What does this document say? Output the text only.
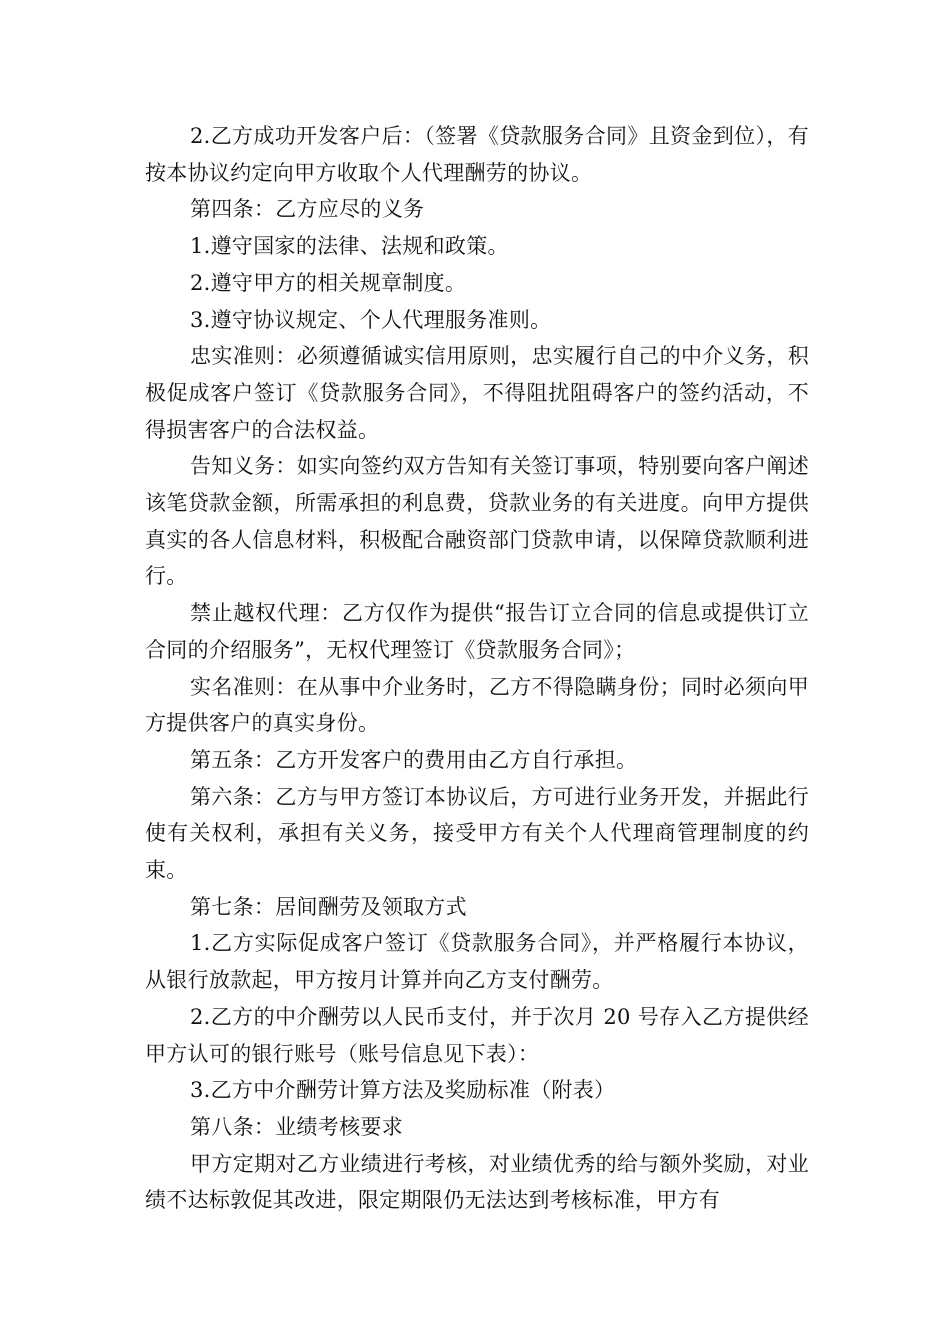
2.乙方成功开发客户后：（签署《贷款服务合同》且资金到位），有按本协议约定向甲方收取个人代理酬劳的协议。

第四条：乙方应尽的义务

1.遵守国家的法律、法规和政策。

2.遵守甲方的相关规章制度。

3.遵守协议规定、个人代理服务准则。

忠实准则：必须遵循诚实信用原则，忠实履行自己的中介义务，积极促成客户签订《贷款服务合同》，不得阻扰阻碍客户的签约活动，不得损害客户的合法权益。

告知义务：如实向签约双方告知有关签订事项，特别要向客户阐述该笔贷款金额，所需承担的利息费，贷款业务的有关进度。向甲方提供真实的各人信息材料，积极配合融资部门贷款申请，以保障贷款顺利进行。

禁止越权代理：乙方仅作为提供“报告订立合同的信息或提供订立合同的介绍服务”，无权代理签订《贷款服务合同》；

实名准则：在从事中介业务时，乙方不得隐瞒身份；同时必须向甲方提供客户的真实身份。

第五条：乙方开发客户的费用由乙方自行承担。

第六条：乙方与甲方签订本协议后，方可进行业务开发，并据此行使有关权利，承担有关义务，接受甲方有关个人代理商管理制度的约束。

第七条：居间酬劳及领取方式

1.乙方实际促成客户签订《贷款服务合同》，并严格履行本协议，从银行放款起，甲方按月计算并向乙方支付酬劳。

2.乙方的中介酬劳以人民币支付，并于次月 20 号存入乙方提供经甲方认可的银行账号（账号信息见下表）：

3.乙方中介酬劳计算方法及奖励标准（附表）

第八条：业绩考核要求

甲方定期对乙方业绩进行考核，对业绩优秀的给与额外奖励，对业绩不达标敦促其改进，限定期限仍无法达到考核标准，甲方有
